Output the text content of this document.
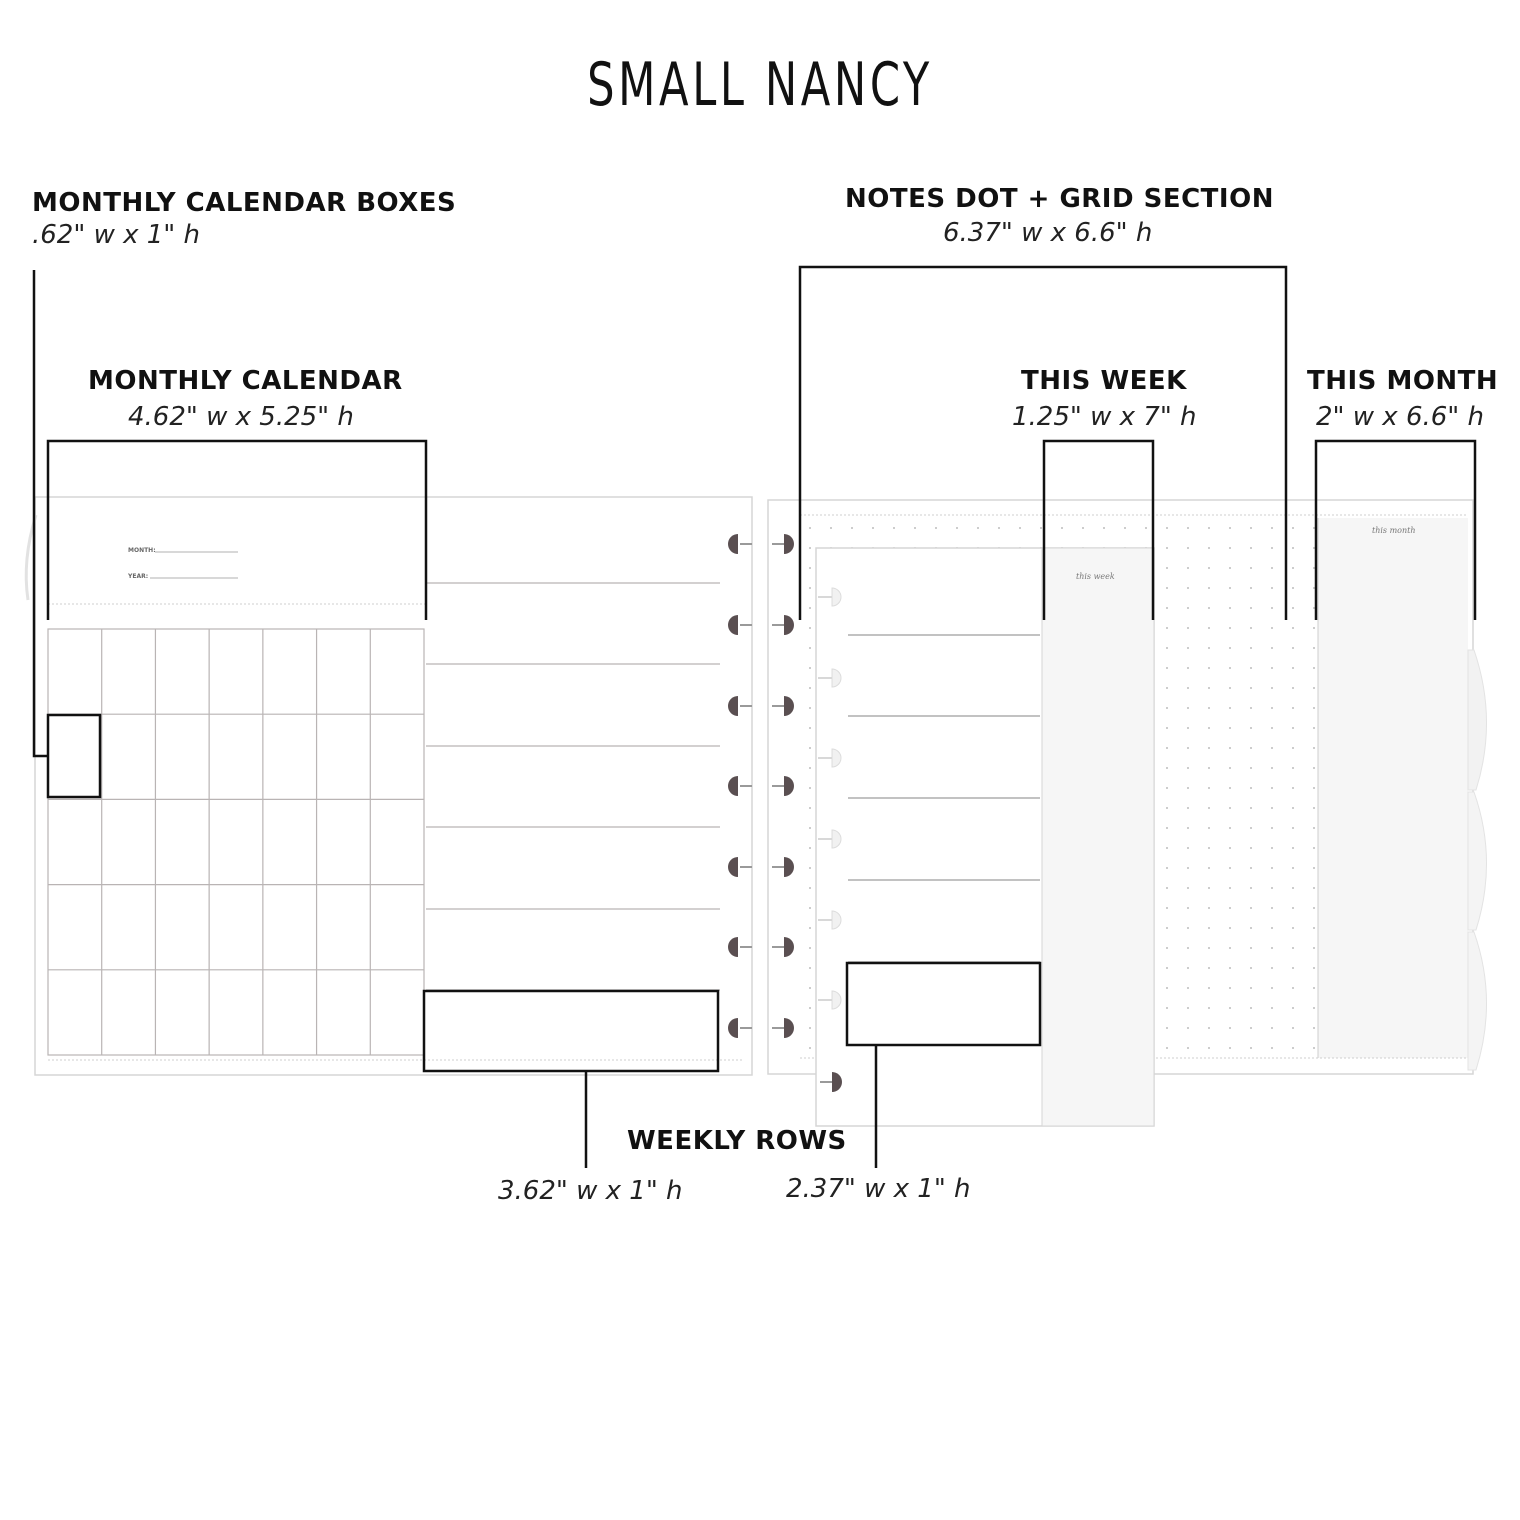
SMALL NANCY
MONTHLY CALENDAR BOXES
.62" w x 1" h
MONTHLY CALENDAR
4.62" w x 5.25" h
NOTES DOT + GRID SECTION
6.37" w x 6.6" h
THIS WEEK
1.25" w x 7" h
THIS MONTH
2" w x 6.6" h
WEEKLY ROWS
3.62" w x 1" h	2.37" w x 1" h
MONTH:
YEAR:
this month
this week
